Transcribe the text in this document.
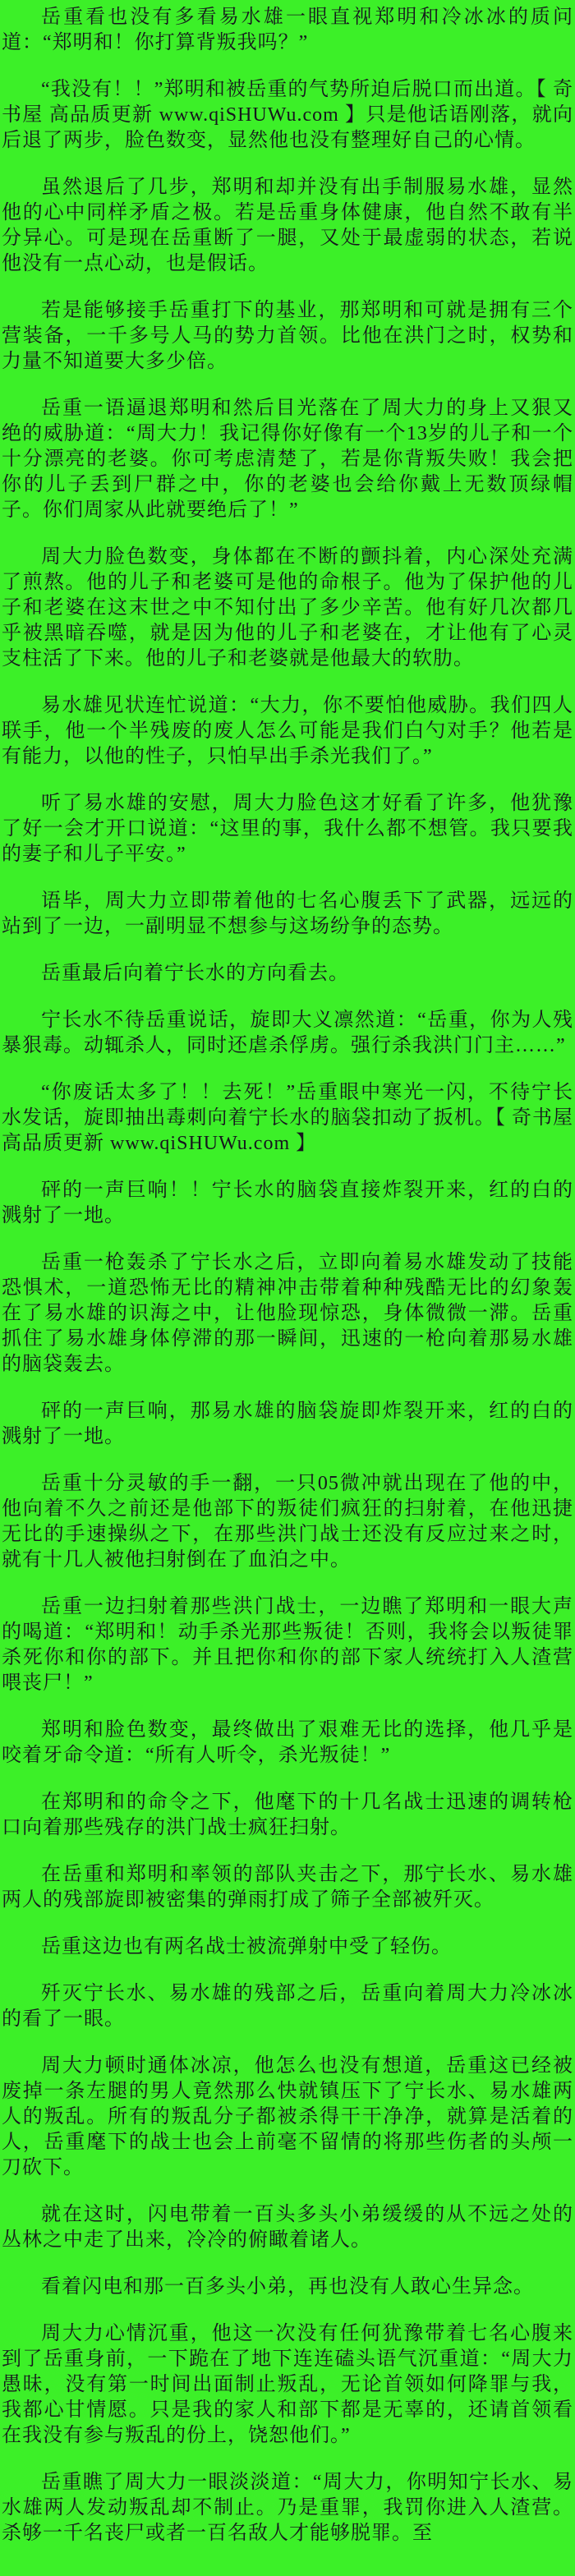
岳重看也没有多看易水雄一眼直视郑明和冷冰冰的质问道：“郑明和！你打算背叛我吗？”

“我没有！！”郑明和被岳重的气势所迫后脱口而出道。【 奇书屋 高品质更新 www.qiSHUWu.com 】只是他话语刚落，就向后退了两步，脸色数变，显然他也没有整理好自己的心情。

虽然退后了几步，郑明和却并没有出手制服易水雄，显然他的心中同样矛盾之极。若是岳重身体健康，他自然不敢有半分异心。可是现在岳重断了一腿，又处于最虚弱的状态，若说他没有一点心动，也是假话。

若是能够接手岳重打下的基业，那郑明和可就是拥有三个营装备，一千多号人马的势力首领。比他在洪门之时，权势和力量不知道要大多少倍。

岳重一语逼退郑明和然后目光落在了周大力的身上又狠又绝的威胁道：“周大力！我记得你好像有一个13岁的儿子和一个十分漂亮的老婆。你可考虑清楚了，若是你背叛失败！我会把你的儿子丢到尸群之中，你的老婆也会给你戴上无数顶绿帽子。你们周家从此就要绝后了！”

周大力脸色数变，身体都在不断的颤抖着，内心深处充满了煎熬。他的儿子和老婆可是他的命根子。他为了保护他的儿子和老婆在这末世之中不知付出了多少辛苦。他有好几次都几乎被黑暗吞噬，就是因为他的儿子和老婆在，才让他有了心灵支柱活了下来。他的儿子和老婆就是他最大的软肋。

易水雄见状连忙说道：“大力，你不要怕他威胁。我们四人联手，他一个半残废的废人怎么可能是我们白勺对手？他若是有能力，以他的性子，只怕早出手杀光我们了。”

听了易水雄的安慰，周大力脸色这才好看了许多，他犹豫了好一会才开口说道：“这里的事，我什么都不想管。我只要我的妻子和儿子平安。”

语毕，周大力立即带着他的七名心腹丢下了武器，远远的站到了一边，一副明显不想参与这场纷争的态势。

岳重最后向着宁长水的方向看去。

宁长水不待岳重说话，旋即大义凛然道：“岳重，你为人残暴狠毒。动辄杀人，同时还虐杀俘虏。强行杀我洪门门主……”

“你废话太多了！！去死！”岳重眼中寒光一闪，不待宁长水发话，旋即抽出毒刺向着宁长水的脑袋扣动了扳机。【 奇书屋 高品质更新 www.qiSHUWu.com 】

砰的一声巨响！！宁长水的脑袋直接炸裂开来，红的白的溅射了一地。

岳重一枪轰杀了宁长水之后，立即向着易水雄发动了技能恐惧术，一道恐怖无比的精神冲击带着种种残酷无比的幻象轰在了易水雄的识海之中，让他脸现惊恐，身体微微一滞。岳重抓住了易水雄身体停滞的那一瞬间，迅速的一枪向着那易水雄的脑袋轰去。

砰的一声巨响，那易水雄的脑袋旋即炸裂开来，红的白的溅射了一地。

岳重十分灵敏的手一翻，一只05微冲就出现在了他的中，他向着不久之前还是他部下的叛徒们疯狂的扫射着，在他迅捷无比的手速操纵之下，在那些洪门战士还没有反应过来之时，就有十几人被他扫射倒在了血泊之中。

岳重一边扫射着那些洪门战士，一边瞧了郑明和一眼大声的喝道：“郑明和！动手杀光那些叛徒！否则，我将会以叛徒罪杀死你和你的部下。并且把你和你的部下家人统统打入人渣营喂丧尸！”

郑明和脸色数变，最终做出了艰难无比的选择，他几乎是咬着牙命令道：“所有人听令，杀光叛徒！”

在郑明和的命令之下，他麾下的十几名战士迅速的调转枪口向着那些残存的洪门战士疯狂扫射。

在岳重和郑明和率领的部队夹击之下，那宁长水、易水雄两人的残部旋即被密集的弹雨打成了筛子全部被歼灭。

岳重这边也有两名战士被流弹射中受了轻伤。

歼灭宁长水、易水雄的残部之后，岳重向着周大力冷冰冰的看了一眼。

周大力顿时通体冰凉，他怎么也没有想道，岳重这已经被废掉一条左腿的男人竟然那么快就镇压下了宁长水、易水雄两人的叛乱。所有的叛乱分子都被杀得干干净净，就算是活着的人，岳重麾下的战士也会上前毫不留情的将那些伤者的头颅一刀砍下。

就在这时，闪电带着一百头多头小弟缓缓的从不远之处的丛林之中走了出来，冷冷的俯瞰着诸人。

看着闪电和那一百多头小弟，再也没有人敢心生异念。

周大力心情沉重，他这一次没有任何犹豫带着七名心腹来到了岳重身前，一下跪在了地下连连磕头语气沉重道：“周大力愚昧，没有第一时间出面制止叛乱，无论首领如何降罪与我，我都心甘情愿。只是我的家人和部下都是无辜的，还请首领看在我没有参与叛乱的份上，饶恕他们。”

岳重瞧了周大力一眼淡淡道：“周大力，你明知宁长水、易水雄两人发动叛乱却不制止。乃是重罪，我罚你进入人渣营。杀够一千名丧尸或者一百名敌人才能够脱罪。至
